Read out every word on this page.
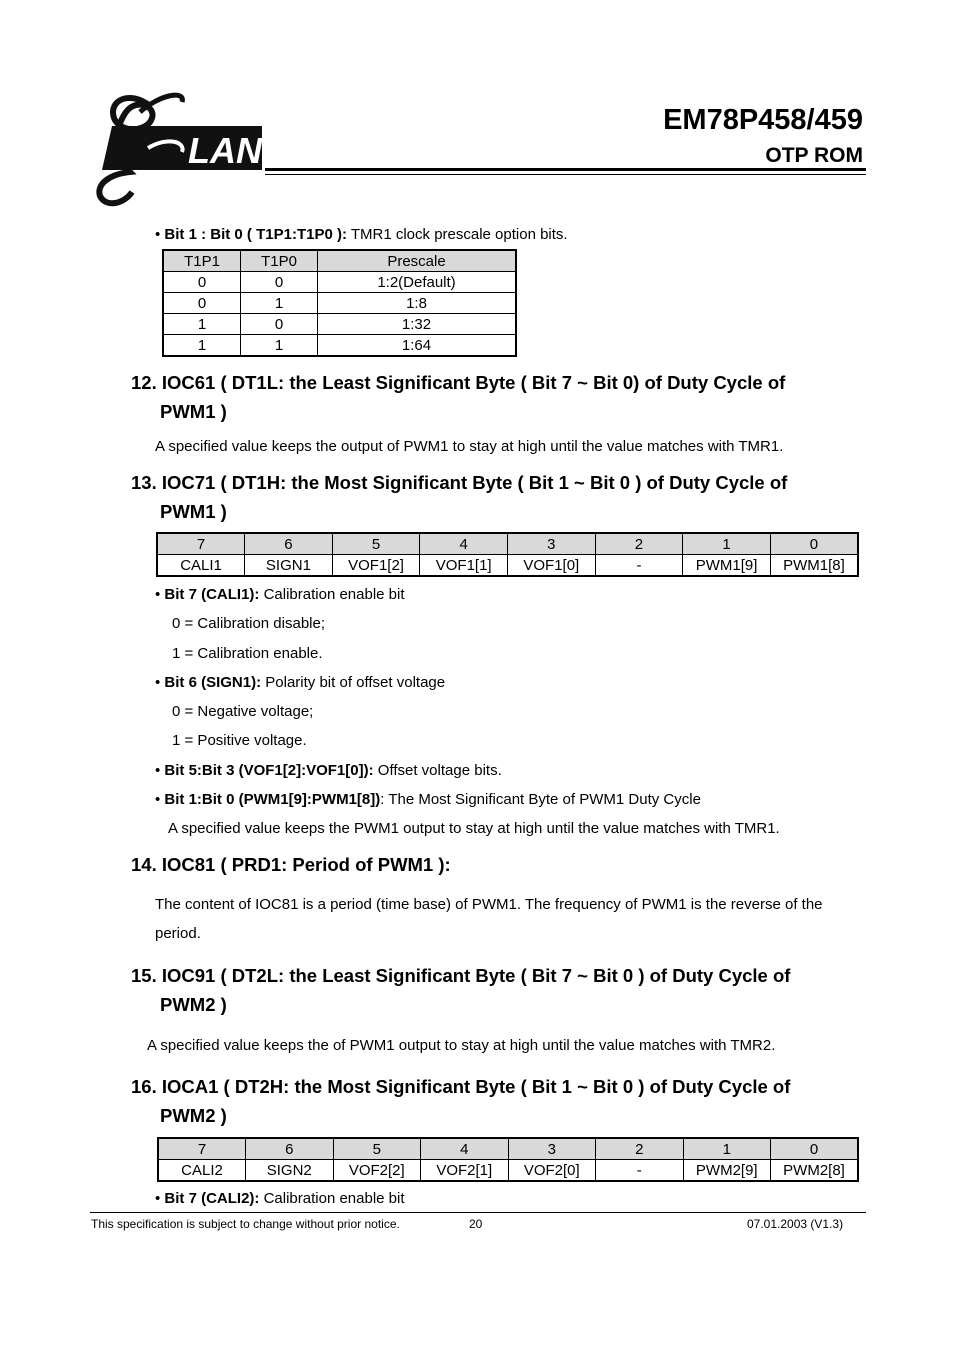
LAN
EM78P458/459
OTP ROM
• Bit 1 : Bit 0 ( T1P1:T1P0 ): TMR1 clock prescale option bits.
T1P1	T1P0	Prescale
0	0	1:2(Default)
0	1	1:8
1	0	1:32
1	1	1:64
12. IOC61 ( DT1L: the Least Significant Byte ( Bit 7 ~ Bit 0) of Duty Cycle of
PWM1 )
A specified value keeps the output of PWM1 to stay at high until the value matches with TMR1.
13. IOC71 ( DT1H: the Most Significant Byte ( Bit 1 ~ Bit 0 ) of Duty Cycle of
PWM1 )
7	6	5	4	3	2	1	0
CALI1	SIGN1	VOF1[2]	VOF1[1]	VOF1[0]	-	PWM1[9]	PWM1[8]
• Bit 7 (CALI1): Calibration enable bit
0 = Calibration disable;
1 = Calibration enable.
• Bit 6 (SIGN1): Polarity bit of offset voltage
0 = Negative voltage;
1 = Positive voltage.
• Bit 5:Bit 3 (VOF1[2]:VOF1[0]): Offset voltage bits.
• Bit 1:Bit 0 (PWM1[9]:PWM1[8]): The Most Significant Byte of PWM1 Duty Cycle
A specified value keeps the PWM1 output to stay at high until the value matches with TMR1.
14. IOC81 ( PRD1: Period of PWM1 ):
The content of IOC81 is a period (time base) of PWM1. The frequency of PWM1 is the reverse of the
period.
15. IOC91 ( DT2L: the Least Significant Byte ( Bit 7 ~ Bit 0 ) of Duty Cycle of
PWM2 )
A specified value keeps the of PWM1 output to stay at high until the value matches with TMR2.
16. IOCA1 ( DT2H: the Most Significant Byte ( Bit 1 ~ Bit 0 ) of Duty Cycle of
PWM2 )
7	6	5	4	3	2	1	0
CALI2	SIGN2	VOF2[2]	VOF2[1]	VOF2[0]	-	PWM2[9]	PWM2[8]
• Bit 7 (CALI2): Calibration enable bit
This specification is subject to change without prior notice.	20	07.01.2003 (V1.3)
